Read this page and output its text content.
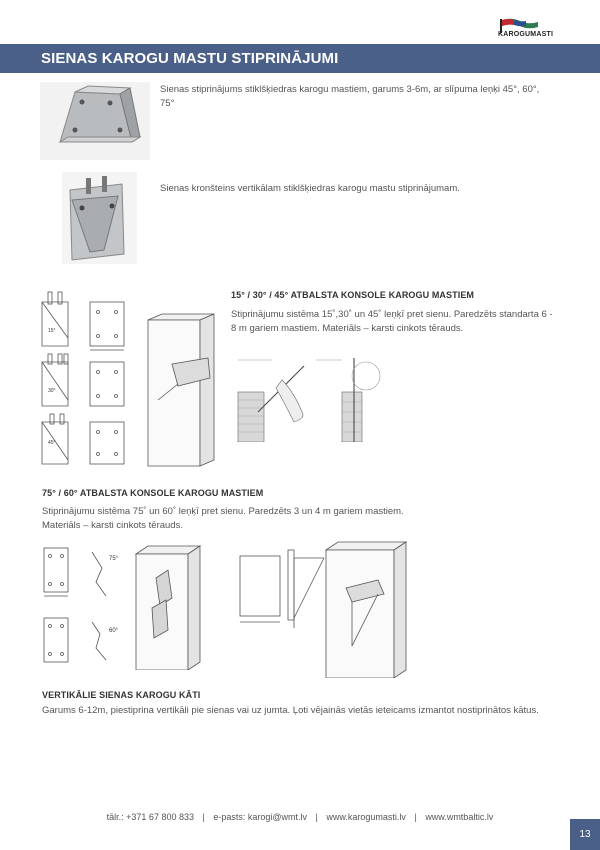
KAROGUMASTI
SIENAS KAROGU MASTU STIPRINĀJUMI
Sienas stiprinājums stiklšķiedras karogu mastiem, garums 3-6m, ar slīpuma leņķi 45°, 60°, 75°
Sienas kronšteins vertikālam stiklšķiedras karogu mastu stiprinājumam.
30°
15°
45°
15° / 30° / 45° ATBALSTA KONSOLE KAROGU MASTIEM
Stiprinājumu sistēma 15˚,30˚ un 45˚ leņķī pret sienu. Paredzēts standarta 6 - 8 m gariem mastiem. Materiāls – karsti cinkots tērauds.
75° / 60° ATBALSTA KONSOLE KAROGU MASTIEM
Stiprinājumu sistēma 75˚ un 60˚ leņķī pret sienu. Paredzēts 3 un 4 m gariem mastiem. Materiāls – karsti cinkots tērauds.
75°
60°
VERTIKĀLIE SIENAS KAROGU KĀTI
Garums 6-12m, piestiprina vertikāli pie sienas vai uz jumta. Ļoti vējainās vietās ieteicams izmantot nostiprinātos kātus.
tālr.: +371 67 800 833 | e-pasts: karogi@wmt.lv | www.karogumasti.lv | www.wmtbaltic.lv
13
